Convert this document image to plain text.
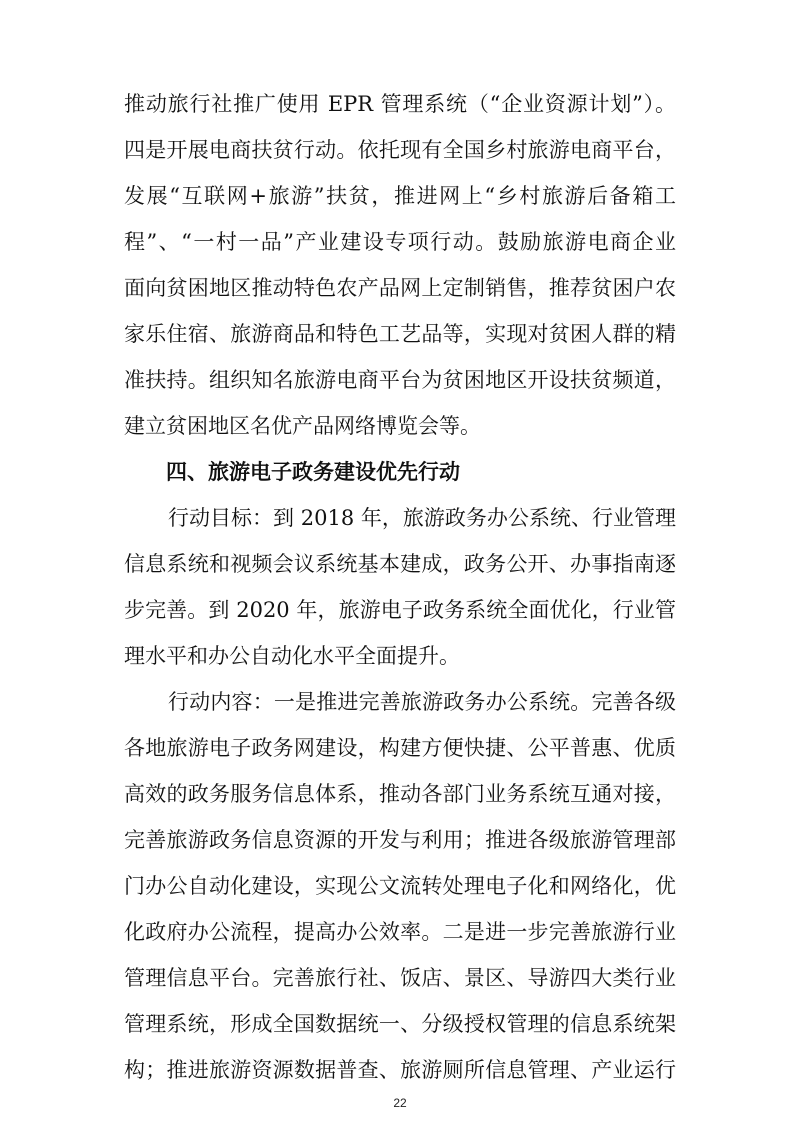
推动旅行社推广使用 EPR 管理系统（“企业资源计划”）。
四是开展电商扶贫行动。依托现有全国乡村旅游电商平台，
发展“互联网+旅游”扶贫，推进网上“乡村旅游后备箱工
程”、“一村一品”产业建设专项行动。鼓励旅游电商企业
面向贫困地区推动特色农产品网上定制销售，推荐贫困户农
家乐住宿、旅游商品和特色工艺品等，实现对贫困人群的精
准扶持。组织知名旅游电商平台为贫困地区开设扶贫频道，
建立贫困地区名优产品网络博览会等。
四、旅游电子政务建设优先行动
行动目标：到 2018 年，旅游政务办公系统、行业管理
信息系统和视频会议系统基本建成，政务公开、办事指南逐
步完善。到 2020 年，旅游电子政务系统全面优化，行业管
理水平和办公自动化水平全面提升。
行动内容：一是推进完善旅游政务办公系统。完善各级
各地旅游电子政务网建设，构建方便快捷、公平普惠、优质
高效的政务服务信息体系，推动各部门业务系统互通对接，
完善旅游政务信息资源的开发与利用；推进各级旅游管理部
门办公自动化建设，实现公文流转处理电子化和网络化，优
化政府办公流程，提高办公效率。二是进一步完善旅游行业
管理信息平台。完善旅行社、饭店、景区、导游四大类行业
管理系统，形成全国数据统一、分级授权管理的信息系统架
构；推进旅游资源数据普查、旅游厕所信息管理、产业运行
22
